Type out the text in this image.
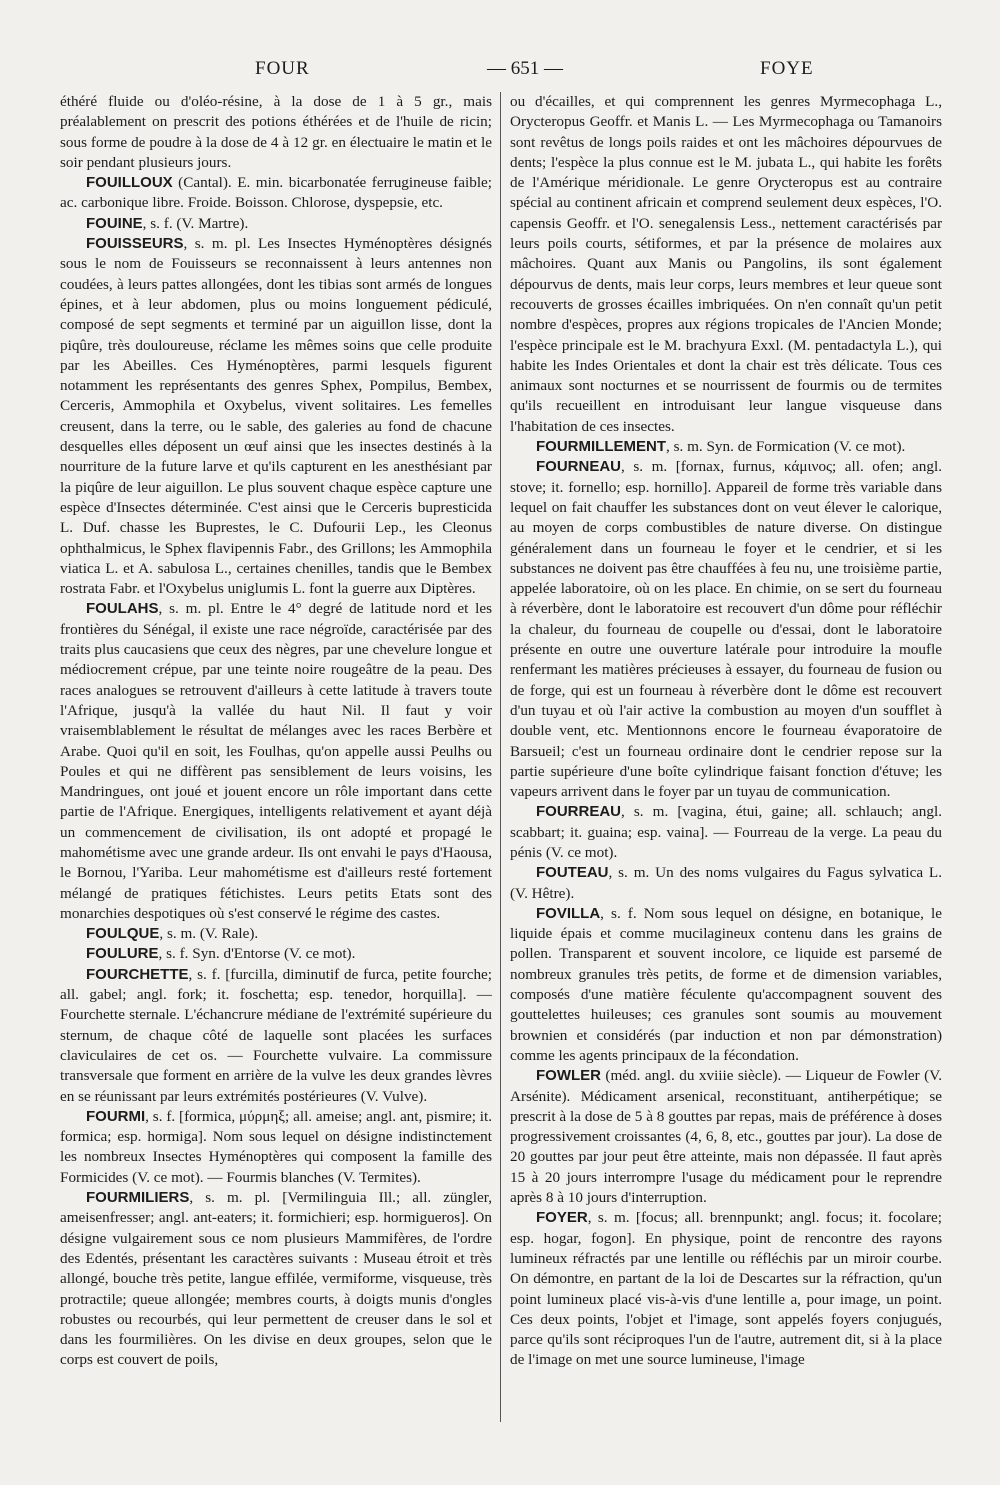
FOUR	— 651 —	FOYE

éthéré fluide ou d'oléo-résine, à la dose de 1 à 5 gr., mais préalablement on prescrit des potions éthérées et de l'huile de ricin; sous forme de poudre à la dose de 4 à 12 gr. en électuaire le matin et le soir pendant plusieurs jours.

FOUILLOUX (Cantal). E. min. bicarbonatée ferrugineuse faible; ac. carbonique libre. Froide. Boisson. Chlorose, dyspepsie, etc.

FOUINE, s. f. (V. Martre).

FOUISSEURS, s. m. pl. Les Insectes Hyménoptères désignés sous le nom de Fouisseurs se reconnaissent à leurs antennes non coudées, à leurs pattes allongées, dont les tibias sont armés de longues épines, et à leur abdomen, plus ou moins longuement pédiculé, composé de sept segments et terminé par un aiguillon lisse, dont la piqûre, très douloureuse, réclame les mêmes soins que celle produite par les Abeilles. Ces Hyménoptères, parmi lesquels figurent notamment les représentants des genres Sphex, Pompilus, Bembex, Cerceris, Ammophila et Oxybelus, vivent solitaires. Les femelles creusent, dans la terre, ou le sable, des galeries au fond de chacune desquelles elles déposent un œuf ainsi que les insectes destinés à la nourriture de la future larve et qu'ils capturent en les anesthésiant par la piqûre de leur aiguillon. Le plus souvent chaque espèce capture une espèce d'Insectes déterminée. C'est ainsi que le Cerceris bupresticida L. Duf. chasse les Buprestes, le C. Dufourii Lep., les Cleonus ophthalmicus, le Sphex flavipennis Fabr., des Grillons; les Ammophila viatica L. et A. sabulosa L., certaines chenilles, tandis que le Bembex rostrata Fabr. et l'Oxybelus uniglumis L. font la guerre aux Diptères.

FOULAHS, s. m. pl. Entre le 4° degré de latitude nord et les frontières du Sénégal, il existe une race négroïde, caractérisée par des traits plus caucasiens que ceux des nègres, par une chevelure longue et médiocrement crépue, par une teinte noire rougeâtre de la peau. Des races analogues se retrouvent d'ailleurs à cette latitude à travers toute l'Afrique, jusqu'à la vallée du haut Nil. Il faut y voir vraisemblablement le résultat de mélanges avec les races Berbère et Arabe. Quoi qu'il en soit, les Foulhas, qu'on appelle aussi Peulhs ou Poules et qui ne diffèrent pas sensiblement de leurs voisins, les Mandringues, ont joué et jouent encore un rôle important dans cette partie de l'Afrique. Energiques, intelligents relativement et ayant déjà un commencement de civilisation, ils ont adopté et propagé le mahométisme avec une grande ardeur. Ils ont envahi le pays d'Haousa, le Bornou, l'Yariba. Leur mahométisme est d'ailleurs resté fortement mélangé de pratiques fétichistes. Leurs petits Etats sont des monarchies despotiques où s'est conservé le régime des castes.

FOULQUE, s. m. (V. Rale).

FOULURE, s. f. Syn. d'Entorse (V. ce mot).

FOURCHETTE, s. f. [furcilla, diminutif de furca, petite fourche; all. gabel; angl. fork; it. foschetta; esp. tenedor, horquilla]. — Fourchette sternale. L'échancrure médiane de l'extrémité supérieure du sternum, de chaque côté de laquelle sont placées les surfaces claviculaires de cet os. — Fourchette vulvaire. La commissure transversale que forment en arrière de la vulve les deux grandes lèvres en se réunissant par leurs extrémités postérieures (V. Vulve).

FOURMI, s. f. [formica, μύρμηξ; all. ameise; angl. ant, pismire; it. formica; esp. hormiga]. Nom sous lequel on désigne indistinctement les nombreux Insectes Hyménoptères qui composent la famille des Formicides (V. ce mot). — Fourmis blanches (V. Termites).

FOURMILIERS, s. m. pl. [Vermilinguia Ill.; all. züngler, ameisenfresser; angl. ant-eaters; it. formichieri; esp. hormigueros]. On désigne vulgairement sous ce nom plusieurs Mammifères, de l'ordre des Edentés, présentant les caractères suivants : Museau étroit et très allongé, bouche très petite, langue effilée, vermiforme, visqueuse, très protractile; queue allongée; membres courts, à doigts munis d'ongles robustes ou recourbés, qui leur permettent de creuser dans le sol et dans les fourmilières. On les divise en deux groupes, selon que le corps est couvert de poils,

ou d'écailles, et qui comprennent les genres Myrmecophaga L., Orycteropus Geoffr. et Manis L. — Les Myrmecophaga ou Tamanoirs sont revêtus de longs poils raides et ont les mâchoires dépourvues de dents; l'espèce la plus connue est le M. jubata L., qui habite les forêts de l'Amérique méridionale. Le genre Orycteropus est au contraire spécial au continent africain et comprend seulement deux espèces, l'O. capensis Geoffr. et l'O. senegalensis Less., nettement caractérisés par leurs poils courts, sétiformes, et par la présence de molaires aux mâchoires. Quant aux Manis ou Pangolins, ils sont également dépourvus de dents, mais leur corps, leurs membres et leur queue sont recouverts de grosses écailles imbriquées. On n'en connaît qu'un petit nombre d'espèces, propres aux régions tropicales de l'Ancien Monde; l'espèce principale est le M. brachyura Exxl. (M. pentadactyla L.), qui habite les Indes Orientales et dont la chair est très délicate. Tous ces animaux sont nocturnes et se nourrissent de fourmis ou de termites qu'ils recueillent en introduisant leur langue visqueuse dans l'habitation de ces insectes.

FOURMILLEMENT, s. m. Syn. de Formication (V. ce mot).

FOURNEAU, s. m. [fornax, furnus, κάμινος; all. ofen; angl. stove; it. fornello; esp. hornillo]. Appareil de forme très variable dans lequel on fait chauffer les substances dont on veut élever le calorique, au moyen de corps combustibles de nature diverse. On distingue généralement dans un fourneau le foyer et le cendrier, et si les substances ne doivent pas être chauffées à feu nu, une troisième partie, appelée laboratoire, où on les place. En chimie, on se sert du fourneau à réverbère, dont le laboratoire est recouvert d'un dôme pour réfléchir la chaleur, du fourneau de coupelle ou d'essai, dont le laboratoire présente en outre une ouverture latérale pour introduire la moufle renfermant les matières précieuses à essayer, du fourneau de fusion ou de forge, qui est un fourneau à réverbère dont le dôme est recouvert d'un tuyau et où l'air active la combustion au moyen d'un soufflet à double vent, etc. Mentionnons encore le fourneau évaporatoire de Barsueil; c'est un fourneau ordinaire dont le cendrier repose sur la partie supérieure d'une boîte cylindrique faisant fonction d'étuve; les vapeurs arrivent dans le foyer par un tuyau de communication.

FOURREAU, s. m. [vagina, étui, gaine; all. schlauch; angl. scabbart; it. guaina; esp. vaina]. — Fourreau de la verge. La peau du pénis (V. ce mot).

FOUTEAU, s. m. Un des noms vulgaires du Fagus sylvatica L. (V. Hêtre).

FOVILLA, s. f. Nom sous lequel on désigne, en botanique, le liquide épais et comme mucilagineux contenu dans les grains de pollen. Transparent et souvent incolore, ce liquide est parsemé de nombreux granules très petits, de forme et de dimension variables, composés d'une matière féculente qu'accompagnent souvent des gouttelettes huileuses; ces granules sont soumis au mouvement brownien et considérés (par induction et non par démonstration) comme les agents principaux de la fécondation.

FOWLER (méd. angl. du xviiie siècle). — Liqueur de Fowler (V. Arsénite). Médicament arsenical, reconstituant, antiherpétique; se prescrit à la dose de 5 à 8 gouttes par repas, mais de préférence à doses progressivement croissantes (4, 6, 8, etc., gouttes par jour). La dose de 20 gouttes par jour peut être atteinte, mais non dépassée. Il faut après 15 à 20 jours interrompre l'usage du médicament pour le reprendre après 8 à 10 jours d'interruption.

FOYER, s. m. [focus; all. brennpunkt; angl. focus; it. focolare; esp. hogar, fogon]. En physique, point de rencontre des rayons lumineux réfractés par une lentille ou réfléchis par un miroir courbe. On démontre, en partant de la loi de Descartes sur la réfraction, qu'un point lumineux placé vis-à-vis d'une lentille a, pour image, un point. Ces deux points, l'objet et l'image, sont appelés foyers conjugués, parce qu'ils sont réciproques l'un de l'autre, autrement dit, si à la place de l'image on met une source lumineuse, l'image
